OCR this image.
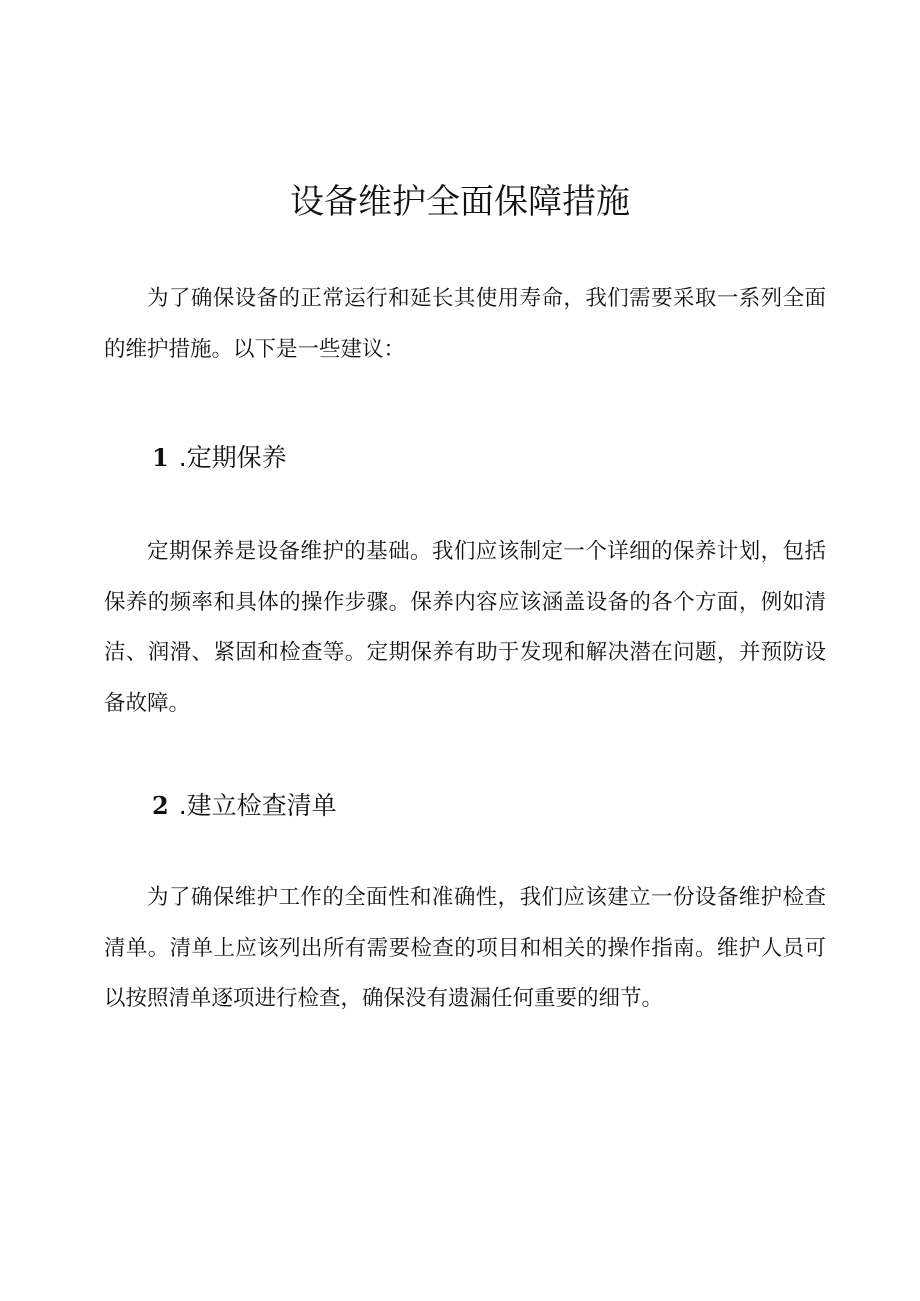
设备维护全面保障措施

为了确保设备的正常运行和延长其使用寿命，我们需要采取一系列全面的维护措施。以下是一些建议：

1 .定期保养

定期保养是设备维护的基础。我们应该制定一个详细的保养计划，包括保养的频率和具体的操作步骤。保养内容应该涵盖设备的各个方面，例如清洁、润滑、紧固和检查等。定期保养有助于发现和解决潜在问题，并预防设备故障。

2 .建立检查清单

为了确保维护工作的全面性和准确性，我们应该建立一份设备维护检查清单。清单上应该列出所有需要检查的项目和相关的操作指南。维护人员可以按照清单逐项进行检查，确保没有遗漏任何重要的细节。
